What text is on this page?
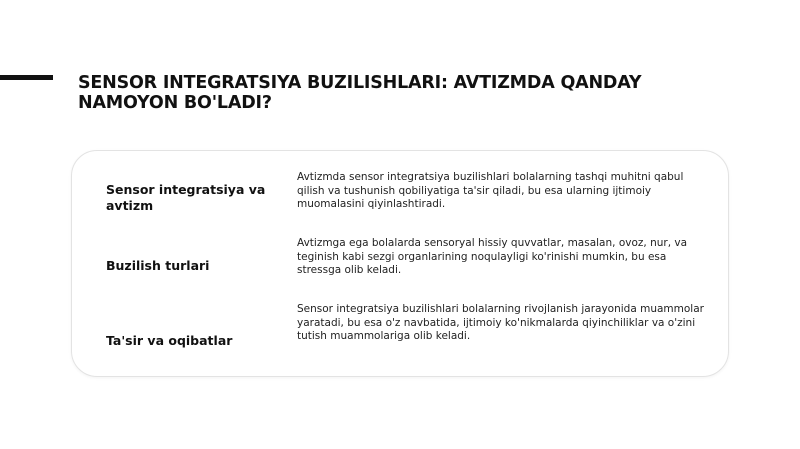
SENSOR INTEGRATSIYA BUZILISHLARI: AVTIZMDA QANDAY NAMOYON BO'LADI?

Sensor integratsiya va avtizm

Avtizmda sensor integratsiya buzilishlari bolalarning tashqi muhitni qabul qilish va tushunish qobiliyatiga ta'sir qiladi, bu esa ularning ijtimoiy muomalasini qiyinlashtiradi.

Buzilish turlari

Avtizmga ega bolalarda sensoryal hissiy quvvatlar, masalan, ovoz, nur, va teginish kabi sezgi organlarining noqulayligi ko'rinishi mumkin, bu esa stressga olib keladi.

Ta'sir va oqibatlar

Sensor integratsiya buzilishlari bolalarning rivojlanish jarayonida muammolar yaratadi, bu esa o'z navbatida, ijtimoiy ko'nikmalarda qiyinchiliklar va o'zini tutish muammolariga olib keladi.
